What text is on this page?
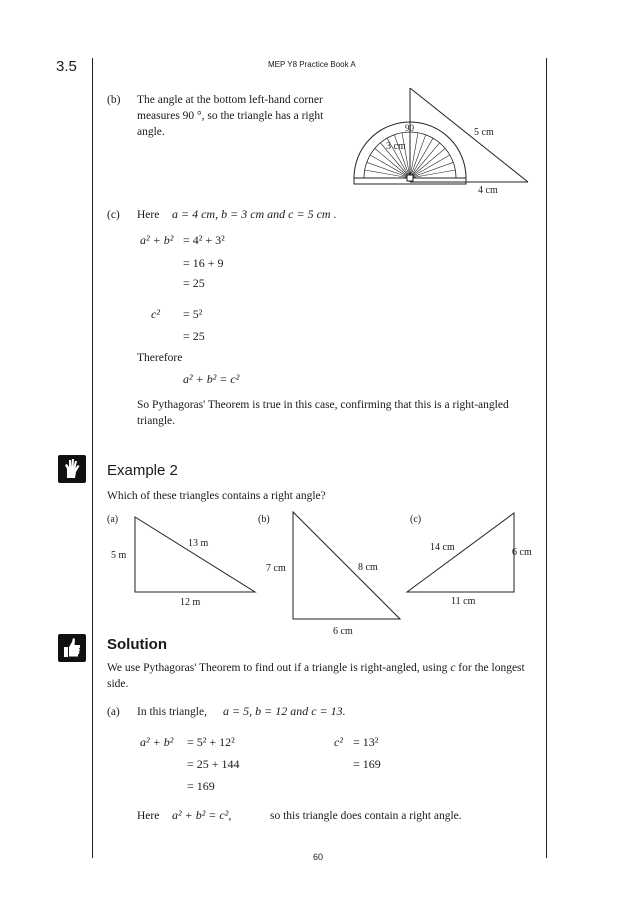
3.5	MEP Y8 Practice Book A
(b) The angle at the bottom left-hand corner measures 90 °, so the triangle has a right angle.	90
3 cm
5 cm
4 cm
(c) Here a = 4 cm, b = 3 cm and c = 5 cm .
a² + b² = 4² + 3²
= 16 + 9
= 25
c² = 5²
= 25
Therefore
a² + b² = c²
So Pythagoras' Theorem is true in this case, confirming that this is a right-angled triangle.
Example 2
Which of these triangles contains a right angle?
(a)
5 m
13 m
12 m
(b)
7 cm	8 cm
6 cm
(c)
14 cm	6 cm
11 cm
Solution
We use Pythagoras' Theorem to find out if a triangle is right-angled, using c for the longest side.
(a) In this triangle, a = 5, b = 12 and c = 13.
a² + b² = 5² + 12²
= 25 + 144
= 169
c² = 13²
= 169
Here a² + b² = c²,	so this triangle does contain a right angle.
60
